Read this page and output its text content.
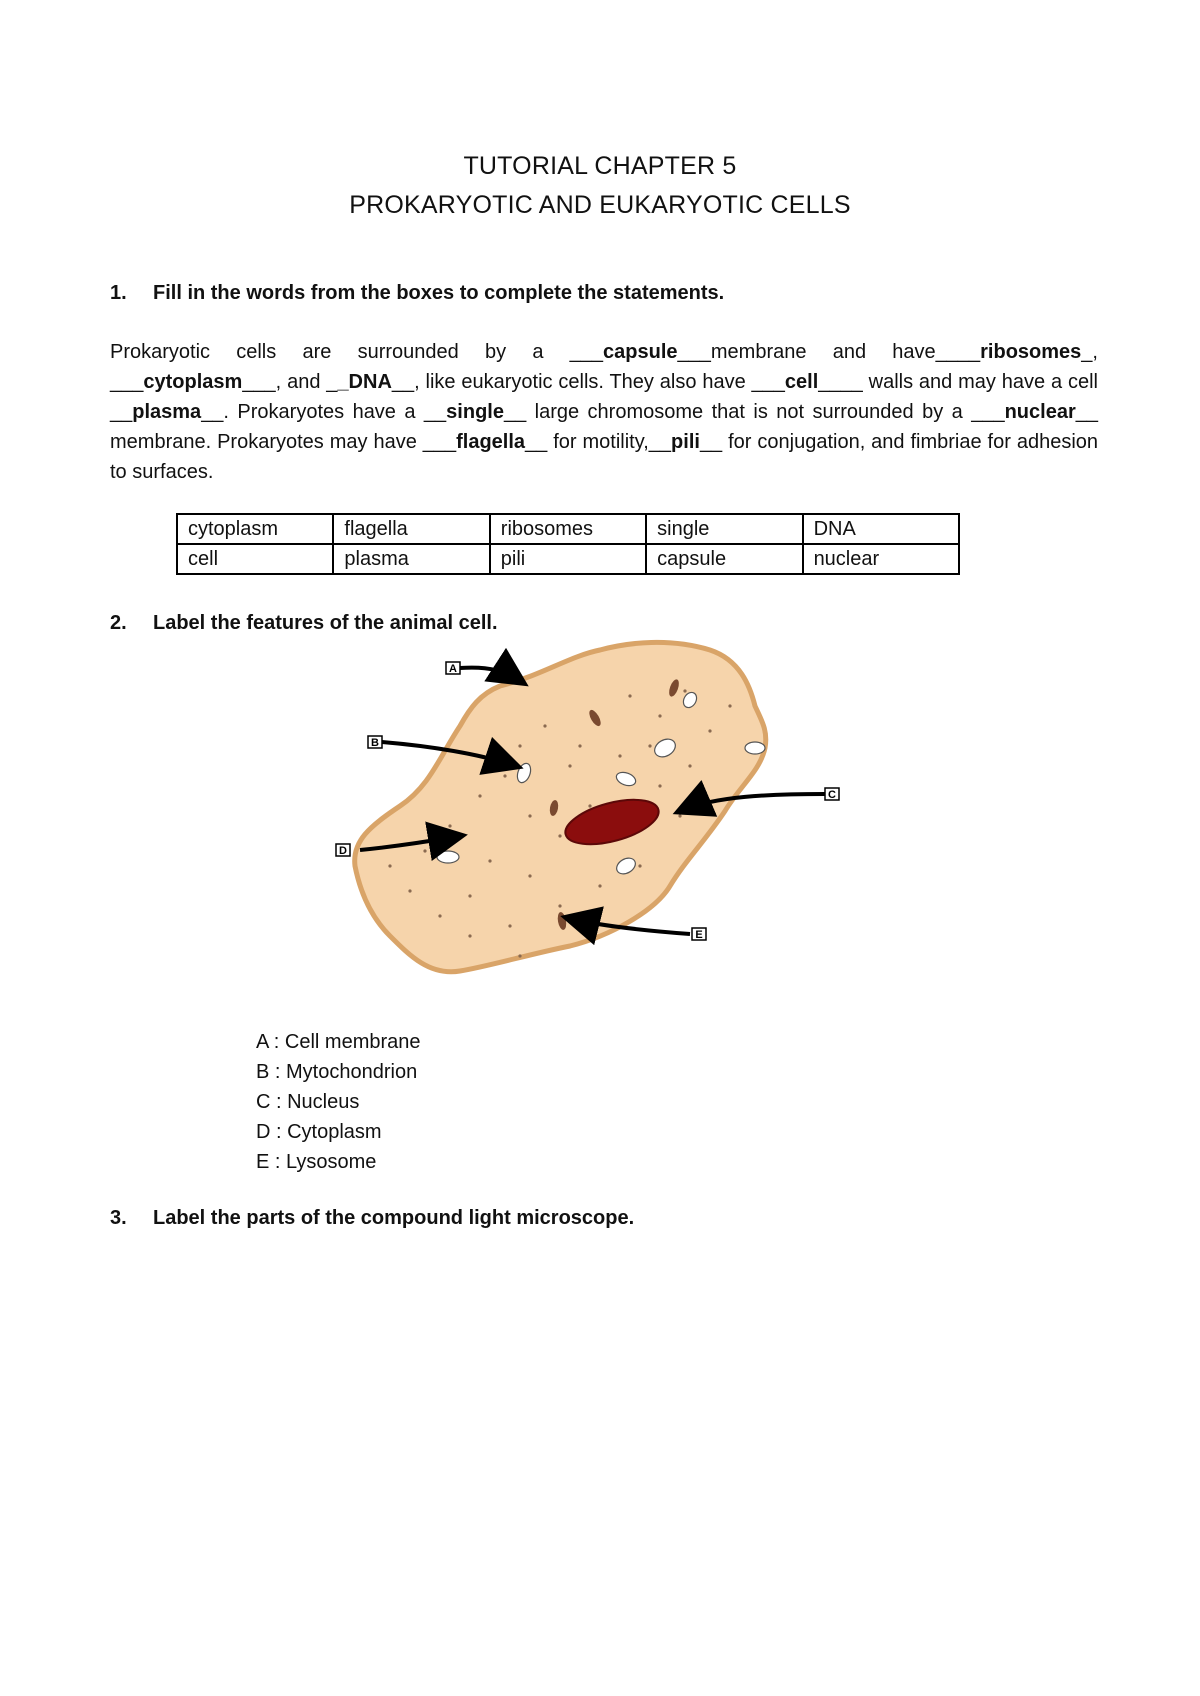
TUTORIAL CHAPTER 5
PROKARYOTIC AND EUKARYOTIC CELLS
1. Fill in the words from the boxes to complete the statements.
Prokaryotic cells are surrounded by a ___capsule___membrane and have____ribosomes_, ___cytoplasm___, and __DNA__, like eukaryotic cells. They also have ___cell____ walls and may have a cell __plasma__. Prokaryotes have a __single__ large chromosome that is not surrounded by a ___nuclear__ membrane. Prokaryotes may have ___flagella__ for motility,__pili__ for conjugation, and fimbriae for adhesion to surfaces.
cytoplasm	flagella	ribosomes	single	DNA
cell	plasma	pili	capsule	nuclear
2. Label the features of the animal cell.
A
B
C
D
E
A : Cell membrane
B : Mytochondrion
C : Nucleus
D : Cytoplasm
E : Lysosome
3. Label the parts of the compound light microscope.
